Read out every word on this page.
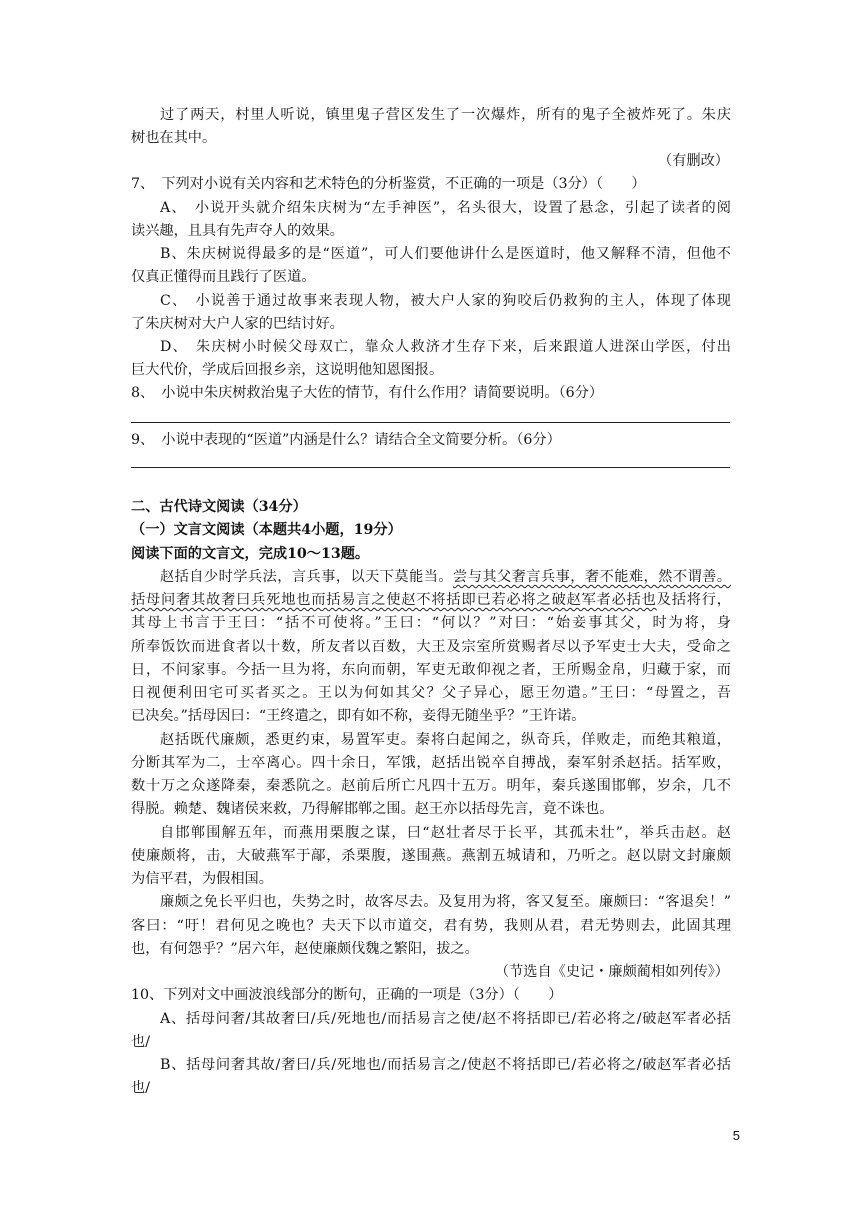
过了两天，村里人听说，镇里鬼子营区发生了一次爆炸，所有的鬼子全被炸死了。朱庆
树也在其中。
（有删改）
7、　下列对小说有关内容和艺术特色的分析鉴赏，不正确的一项是（3分）（　　）
A、　小说开头就介绍朱庆树为“左手神医”，名头很大，设置了悬念，引起了读者的阅
读兴趣，且具有先声夺人的效果。
B、朱庆树说得最多的是“医道”，可人们要他讲什么是医道时，他又解释不清，但他不
仅真正懂得而且践行了医道。
C、　小说善于通过故事来表现人物，被大户人家的狗咬后仍救狗的主人，体现了体现
了朱庆树对大户人家的巴结讨好。
D、　朱庆树小时候父母双亡，靠众人救济才生存下来，后来跟道人进深山学医，付出
巨大代价，学成后回报乡亲，这说明他知恩图报。
8、　小说中朱庆树救治鬼子大佐的情节，有什么作用？请简要说明。（6分）
9、　小说中表现的“医道”内涵是什么？请结合全文简要分析。（6分）
二、古代诗文阅读（34分）
（一）文言文阅读（本题共4小题，19分）
阅读下面的文言文，完成10～13题。
赵括自少时学兵法，言兵事，以天下莫能当。尝与其父奢言兵事，奢不能难，然不谓善。
括母问奢其故奢曰兵死地也而括易言之使赵不将括即已若必将之破赵军者必括也及括将行，
其母上书言于王曰：“括不可使将。”王曰：“何以？”对曰：“始妾事其父，时为将，身
所奉饭饮而进食者以十数，所友者以百数，大王及宗室所赏赐者尽以予军吏士大夫，受命之
日，不问家事。今括一旦为将，东向而朝，军吏无敢仰视之者，王所赐金帛，归藏于家，而
日视便利田宅可买者买之。王以为何如其父？父子异心，愿王勿遣。”王曰：“母置之，吾
已决矣。”括母因曰：“王终遣之，即有如不称，妾得无随坐乎？”王许诺。
赵括既代廉颇，悉更约束，易置军吏。秦将白起闻之，纵奇兵，佯败走，而绝其粮道，
分断其军为二，士卒离心。四十余日，军饿，赵括出锐卒自搏战，秦军射杀赵括。括军败，
数十万之众遂降秦，秦悉阬之。赵前后所亡凡四十五万。明年，秦兵遂围邯郸，岁余，几不
得脱。赖楚、魏诸侯来救，乃得解邯郸之围。赵王亦以括母先言，竟不诛也。
自邯郸围解五年，而燕用栗腹之谋，曰“赵壮者尽于长平，其孤未壮”，举兵击赵。赵
使廉颇将，击，大破燕军于鄗，杀栗腹，遂围燕。燕割五城请和，乃听之。赵以尉文封廉颇
为信平君，为假相国。
廉颇之免长平归也，失势之时，故客尽去。及复用为将，客又复至。廉颇曰：“客退矣！”
客曰：“吁！君何见之晚也？夫天下以市道交，君有势，我则从君，君无势则去，此固其理
也，有何怨乎？”居六年，赵使廉颇伐魏之繁阳，拔之。
（节选自《史记・廉颇蔺相如列传》）
10、下列对文中画波浪线部分的断句，正确的一项是（3分）（　　）
A、括母问奢/其故奢曰/兵/死地也/而括易言之使/赵不将括即已/若必将之/破赵军者必括
也/
B、括母问奢其故/奢曰/兵/死地也/而括易言之/使赵不将括即已/若必将之/破赵军者必括
也/
5
